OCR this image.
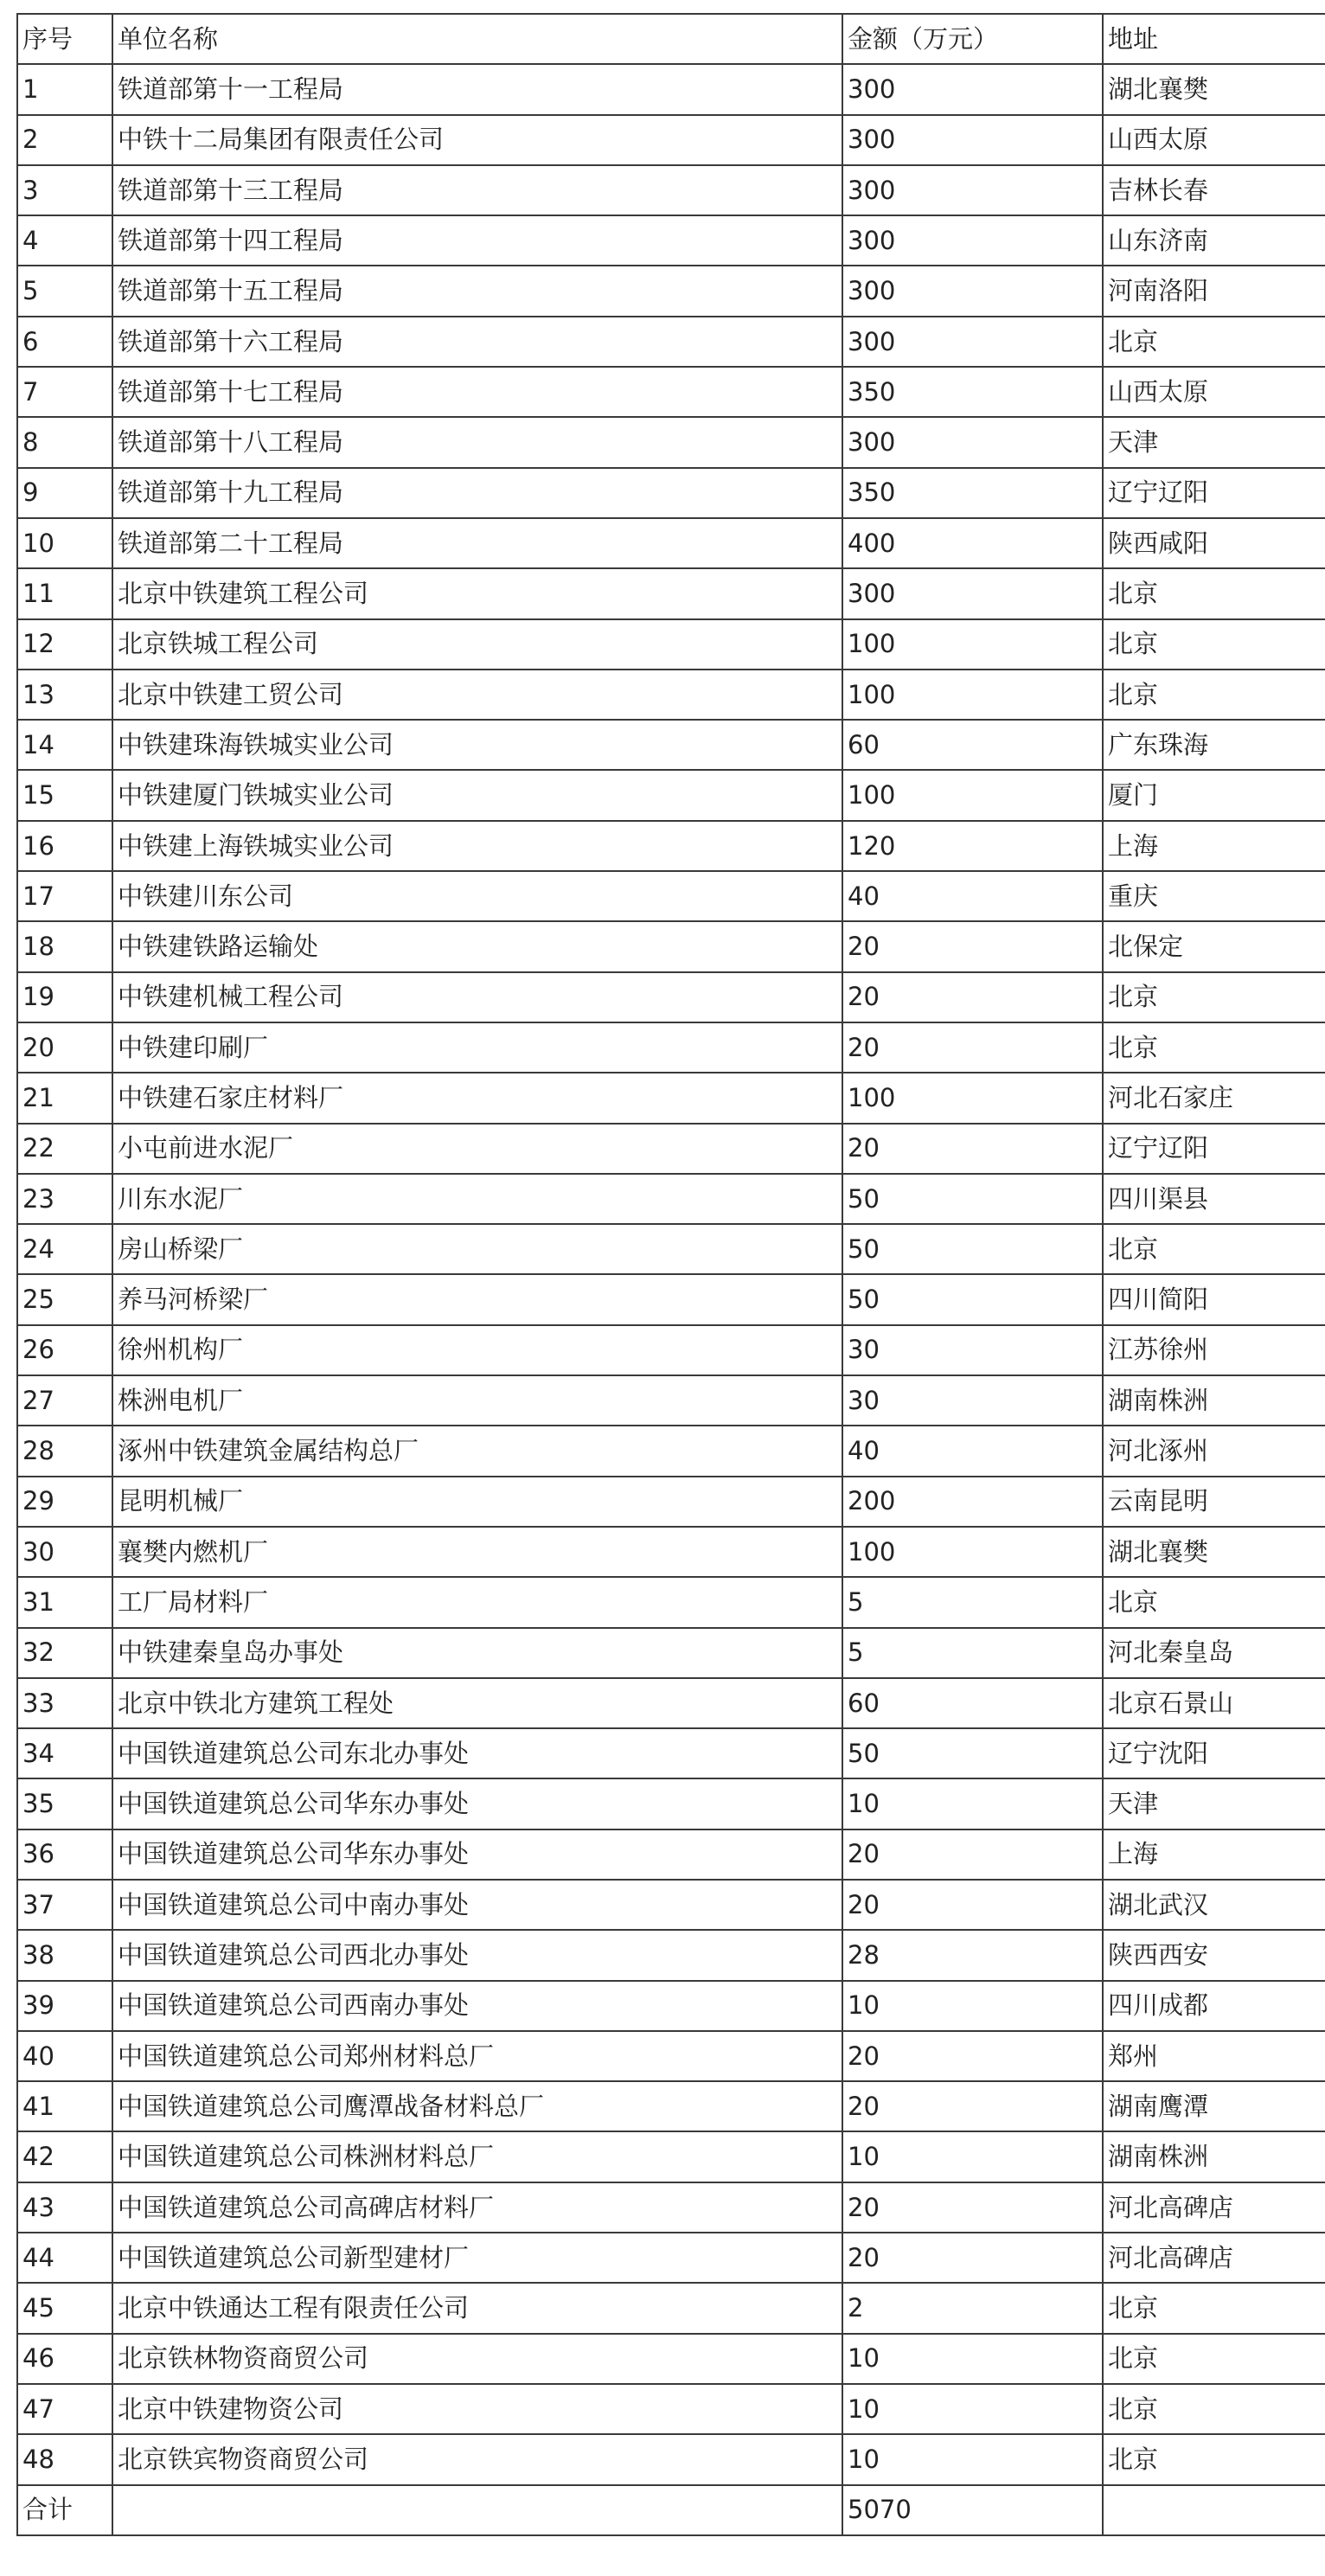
序号	单位名称	金额（万元）	地址
1	铁道部第十一工程局	300	湖北襄樊
2	中铁十二局集团有限责任公司	300	山西太原
3	铁道部第十三工程局	300	吉林长春
4	铁道部第十四工程局	300	山东济南
5	铁道部第十五工程局	300	河南洛阳
6	铁道部第十六工程局	300	北京
7	铁道部第十七工程局	350	山西太原
8	铁道部第十八工程局	300	天津
9	铁道部第十九工程局	350	辽宁辽阳
10	铁道部第二十工程局	400	陕西咸阳
11	北京中铁建筑工程公司	300	北京
12	北京铁城工程公司	100	北京
13	北京中铁建工贸公司	100	北京
14	中铁建珠海铁城实业公司	60	广东珠海
15	中铁建厦门铁城实业公司	100	厦门
16	中铁建上海铁城实业公司	120	上海
17	中铁建川东公司	40	重庆
18	中铁建铁路运输处	20	北保定
19	中铁建机械工程公司	20	北京
20	中铁建印刷厂	20	北京
21	中铁建石家庄材料厂	100	河北石家庄
22	小屯前进水泥厂	20	辽宁辽阳
23	川东水泥厂	50	四川渠县
24	房山桥梁厂	50	北京
25	养马河桥梁厂	50	四川简阳
26	徐州机构厂	30	江苏徐州
27	株洲电机厂	30	湖南株洲
28	涿州中铁建筑金属结构总厂	40	河北涿州
29	昆明机械厂	200	云南昆明
30	襄樊内燃机厂	100	湖北襄樊
31	工厂局材料厂	5	北京
32	中铁建秦皇岛办事处	5	河北秦皇岛
33	北京中铁北方建筑工程处	60	北京石景山
34	中国铁道建筑总公司东北办事处	50	辽宁沈阳
35	中国铁道建筑总公司华东办事处	10	天津
36	中国铁道建筑总公司华东办事处	20	上海
37	中国铁道建筑总公司中南办事处	20	湖北武汉
38	中国铁道建筑总公司西北办事处	28	陕西西安
39	中国铁道建筑总公司西南办事处	10	四川成都
40	中国铁道建筑总公司郑州材料总厂	20	郑州
41	中国铁道建筑总公司鹰潭战备材料总厂	20	湖南鹰潭
42	中国铁道建筑总公司株洲材料总厂	10	湖南株洲
43	中国铁道建筑总公司高碑店材料厂	20	河北高碑店
44	中国铁道建筑总公司新型建材厂	20	河北高碑店
45	北京中铁通达工程有限责任公司	2	北京
46	北京铁林物资商贸公司	10	北京
47	北京中铁建物资公司	10	北京
48	北京铁宾物资商贸公司	10	北京
合计		5070	
